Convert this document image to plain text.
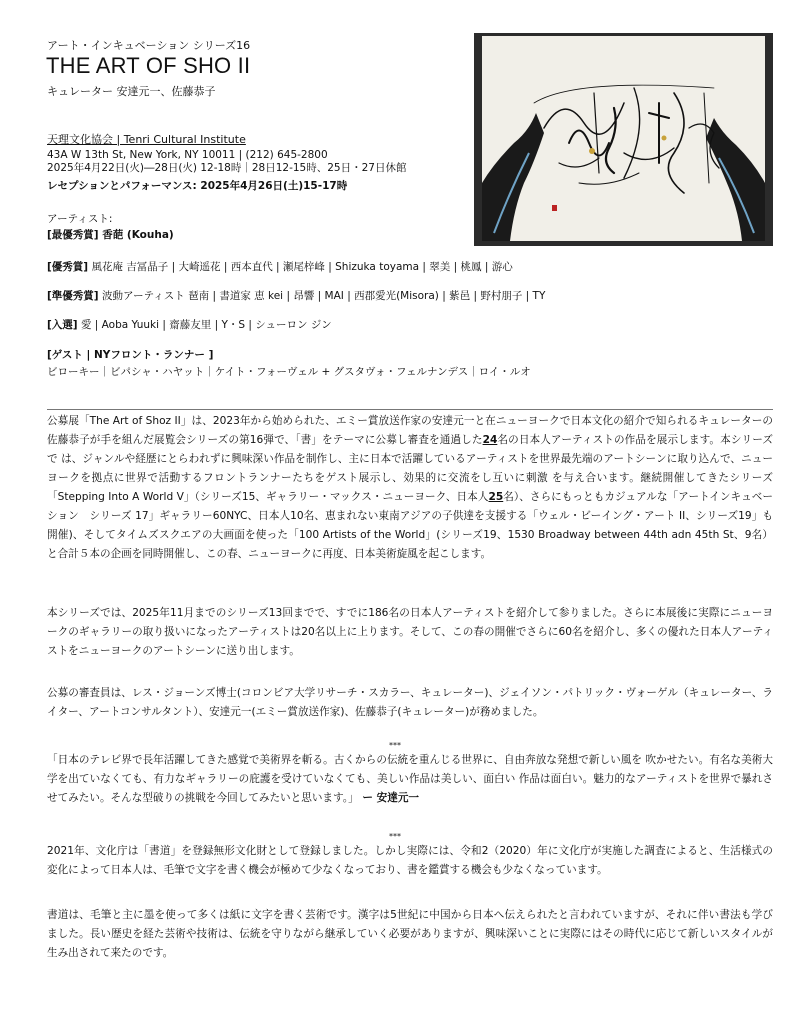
アート・インキュベーション シリーズ16
THE ART OF SHO II
キュレーター 安達元一、佐藤恭子
天理文化協会 | Tenri Cultural Institute
43A W 13th St, New York, NY 10011 | (212) 645-2800
2025年4月22日(火)―28日(火) 12-18時｜28日12-15時、25日・27日休館
レセプションとパフォーマンス: 2025年4月26日(土)15-17時
アーティスト:
[最優秀賞] 香葩 (Kouha)
[優秀賞] 風花庵 吉冨晶子 | 大崎遥花 | 西本直代 | 瀬尾梓峰 | Shizuka toyama | 翠美 | 桃鳳 | 游心
[準優秀賞] 波動アーティスト 琶南 | 書道家 恵 kei | 昂響 | MAI | 西郡愛光(Misora) | 紫邑 | 野村朋子 | TY
[入選] 愛 | Aoba Yuuki | 齋藤友里 | Y・S | シューロン ジン
[ゲスト | NYフロント・ランナー ]
ビローキー｜ビパシャ・ハヤット｜ケイト・フォーヴェル + グスタヴォ・フェルナンデス｜ロイ・ルオ

公募展「The Art of Shoz II」は、2023年から始められた、エミー賞放送作家の安達元一と在ニューヨークで日本文化の紹介で知られるキュレーターの 佐藤恭子が手を組んだ展覧会シリーズの第16弾で、「書」をテーマに公募し審査を通過した24名の日本人アーティストの作品を展示します。本シリーズで は、ジャンルや経歴にとらわれずに興味深い作品を制作し、主に日本で活躍しているアーティストを世界最先端のアートシーンに取り込んで、ニューヨークを拠点に世界で活動するフロントランナーたちをゲスト展示し、効果的に交流をし互いに刺激 を与え合います。継続開催してきたシリーズ「Stepping Into A World V」（シリーズ15、ギャラリー・マックス・ニューヨーク、日本人25名）、さらにもっともカジュアルな「アートインキュベーション　シリーズ 17」ギャラリー60NYC、日本人10名、恵まれない東南アジアの子供達を支援する「ウェル・ビーイング・アート II、シリーズ19」も開催)、そしてタイムズスクエアの大画面を使った「100 Artists of the World」(シリーズ19、1530 Broadway between 44th adn 45th St、9名）と合計５本の企画を同時開催し、この春、ニューヨークに再度、日本美術旋風を起こします。

本シリーズでは、2025年11月までのシリーズ13回までで、すでに186名の日本人アーティストを紹介して参りました。さらに本展後に実際にニューヨークのギャラリーの取り扱いになったアーティストは20名以上に上ります。そして、この春の開催でさらに60名を紹介し、多くの優れた日本人アーティストをニューヨークのアートシーンに送り出します。
公募の審査員は、レス・ジョーンズ博士(コロンビア大学リサーチ・スカラー、キュレーター)、ジェイソン・パトリック・ヴォーゲル（キュレーター、ライター、アートコンサルタント）、安達元一(エミー賞放送作家)、佐藤恭子(キュレーター)が務めました。
***

「日本のテレビ界で長年活躍してきた感覚で美術界を斬る。古くからの伝統を重んじる世界に、自由奔放な発想で新しい風を 吹かせたい。有名な美術大学を出ていなくても、有力なギャラリーの庇護を受けていなくても、美しい作品は美しい、面白い 作品は面白い。魅力的なアーティストを世界で暴れさせてみたい。そんな型破りの挑戦を今回してみたいと思います。」 ー 安達元一

***
2021年、文化庁は「書道」を登録無形文化財として登録しました。しかし実際には、令和2（2020）年に文化庁が実施した調査によると、生活様式の変化によって日本人は、毛筆で文字を書く機会が極めて少なくなっており、書を鑑賞する機会も少なくなっています。
書道は、毛筆と主に墨を使って多くは紙に文字を書く芸術です。漢字は5世紀に中国から日本へ伝えられたと言われていますが、それに伴い書法も学びました。長い歴史を経た芸術や技術は、伝統を守りながら継承していく必要がありますが、興味深いことに実際にはその時代に応じて新しいスタイルが生み出されて来たのです。
